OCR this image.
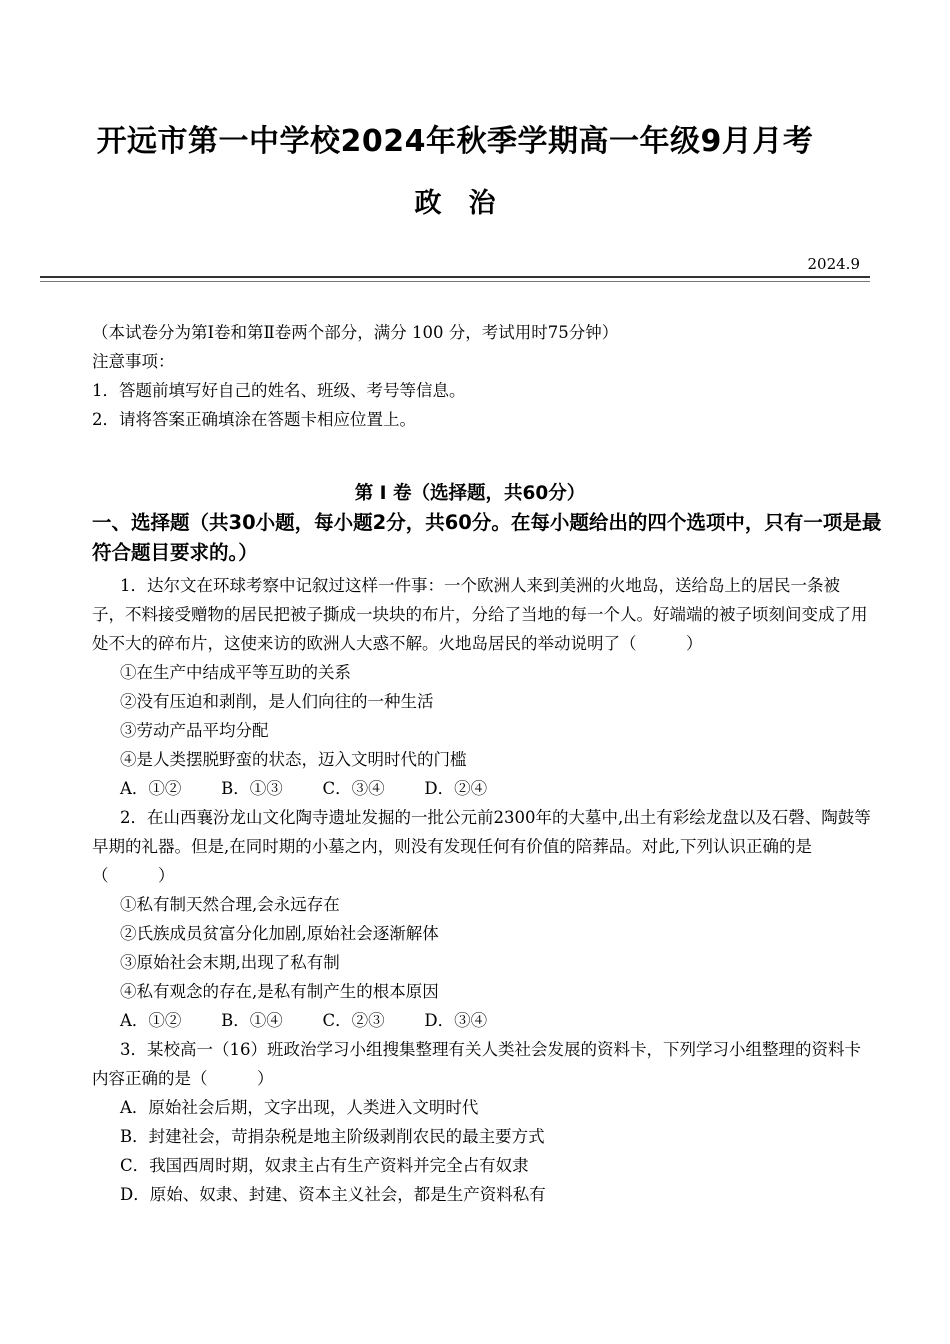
开远市第一中学校2024年秋季学期高一年级9月月考
政　治
2024.9

（本试卷分为第Ⅰ卷和第Ⅱ卷两个部分，满分 100 分，考试用时75分钟）

注意事项：

1．答题前填写好自己的姓名、班级、考号等信息。

2．请将答案正确填涂在答题卡相应位置上。

第 Ⅰ 卷（选择题，共60分）
一、选择题（共30小题，每小题2分，共60分。在每小题给出的四个选项中，只有一项是最符合题目要求的。）

1．达尔文在环球考察中记叙过这样一件事：一个欧洲人来到美洲的火地岛，送给岛上的居民一条被子，不料接受赠物的居民把被子撕成一块块的布片，分给了当地的每一个人。好端端的被子顷刻间变成了用处不大的碎布片，这使来访的欧洲人大惑不解。火地岛居民的举动说明了（　　　）

①在生产中结成平等互助的关系

②没有压迫和剥削，是人们向往的一种生活

③劳动产品平均分配

④是人类摆脱野蛮的状态，迈入文明时代的门槛

A．①②　 B．①③　 C．③④　 D．②④

2．在山西襄汾龙山文化陶寺遗址发掘的一批公元前2300年的大墓中,出土有彩绘龙盘以及石磬、陶鼓等早期的礼器。但是,在同时期的小墓之内，则没有发现任何有价值的陪葬品。对此,下列认识正确的是（　　　）

①私有制天然合理,会永远存在

②氏族成员贫富分化加剧,原始社会逐渐解体

③原始社会末期,出现了私有制

④私有观念的存在,是私有制产生的根本原因

A．①②　 B．①④　 C．②③　 D．③④

3．某校高一（16）班政治学习小组搜集整理有关人类社会发展的资料卡，下列学习小组整理的资料卡内容正确的是（　　　）

A．原始社会后期，文字出现，人类进入文明时代

B．封建社会，苛捐杂税是地主阶级剥削农民的最主要方式

C．我国西周时期，奴隶主占有生产资料并完全占有奴隶

D．原始、奴隶、封建、资本主义社会，都是生产资料私有
